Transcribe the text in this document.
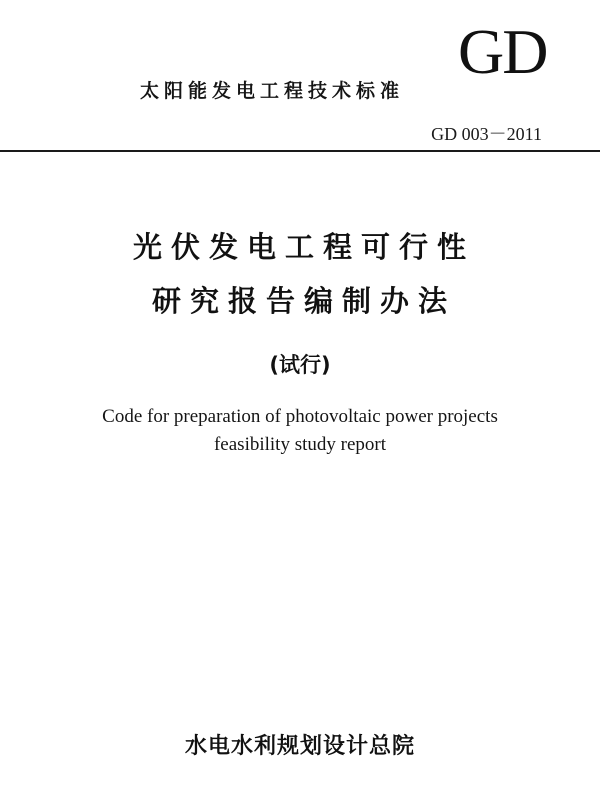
GD
太阳能发电工程技术标准
GD 003－2011
光伏发电工程可行性
研究报告编制办法
(试行)
Code for preparation of photovoltaic power projects
feasibility study report
水电水利规划设计总院
